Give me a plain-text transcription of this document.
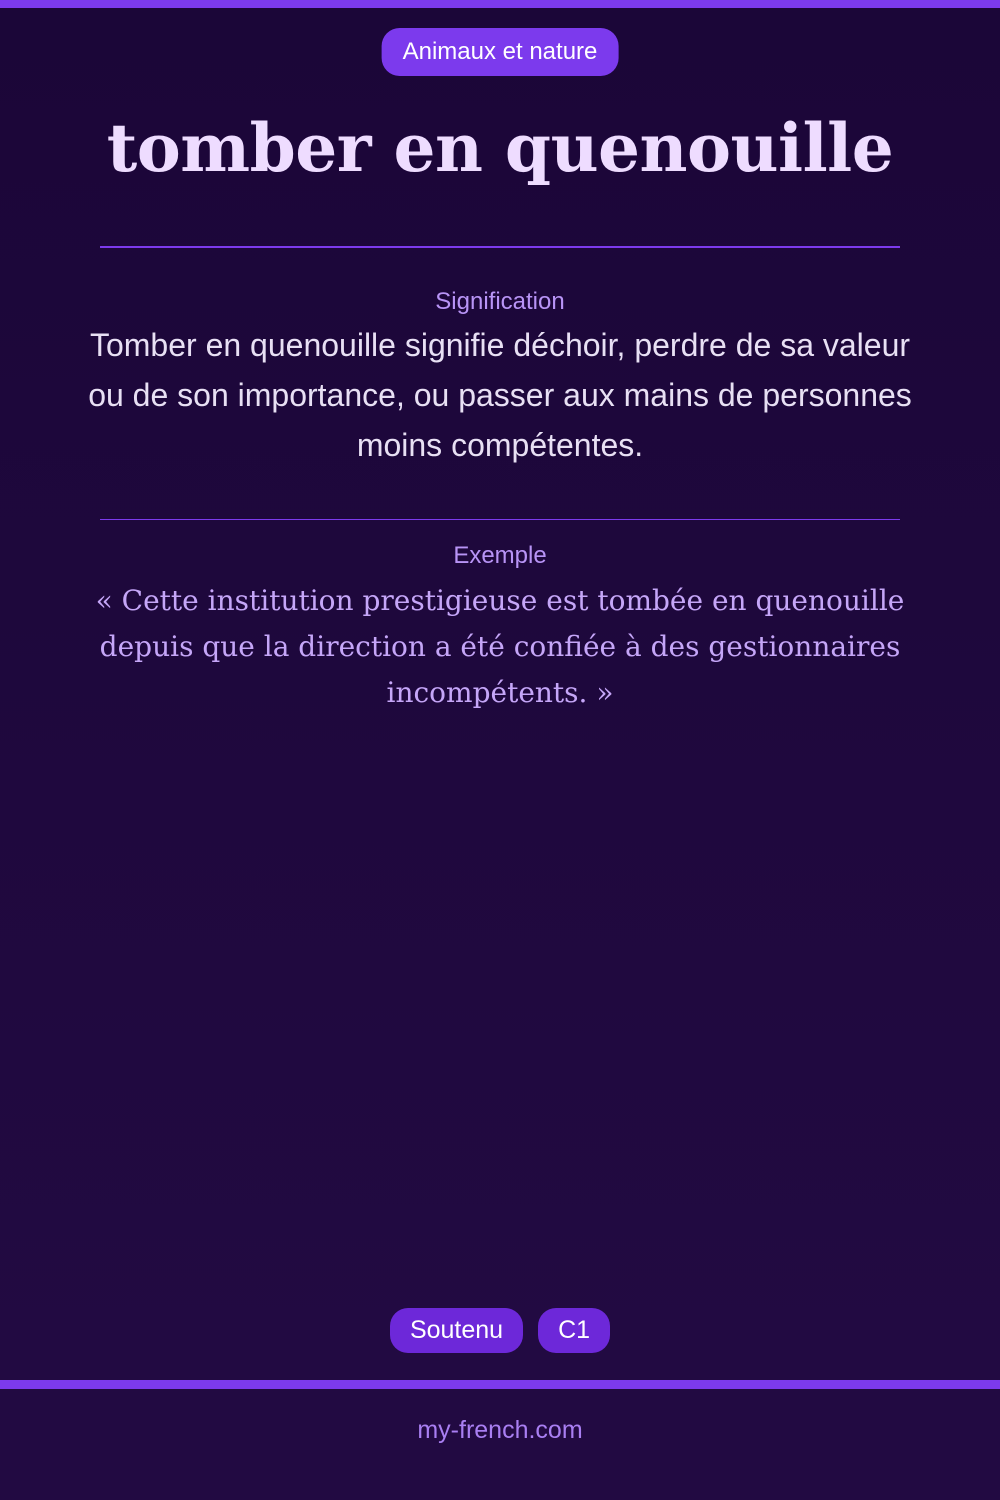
Animaux et nature
tomber en quenouille
Signification

Tomber en quenouille signifie déchoir, perdre de sa valeur ou de son importance, ou passer aux mains de personnes moins compétentes.

Exemple

« Cette institution prestigieuse est tombée en quenouille depuis que la direction a été confiée à des gestionnaires incompétents. »

Soutenu	C1
my-french.com
